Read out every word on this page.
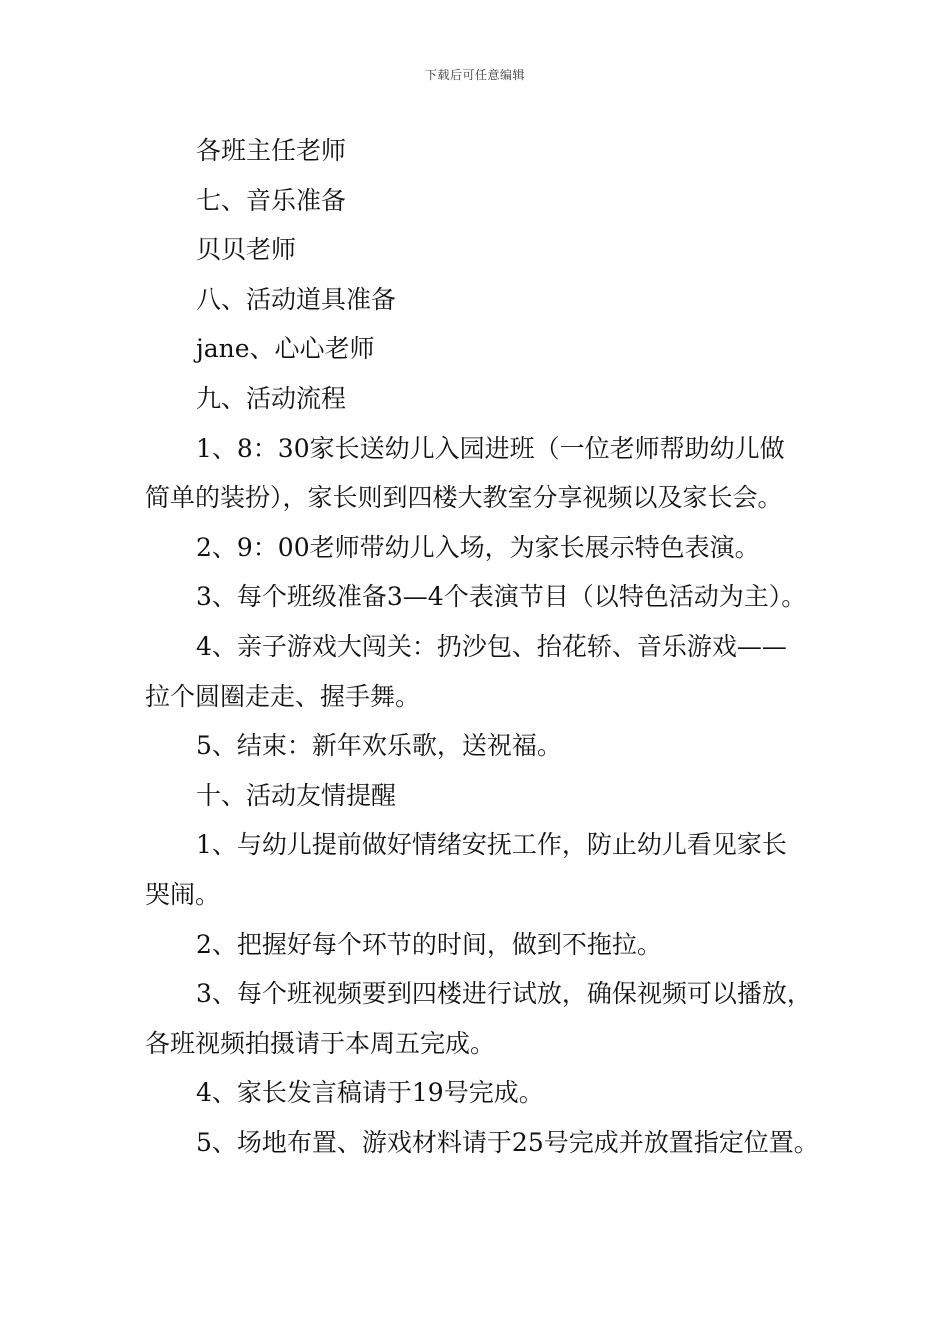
下载后可任意编辑
各班主任老师
七、音乐准备
贝贝老师
八、活动道具准备
jane、心心老师
九、活动流程
1、8：30家长送幼儿入园进班（一位老师帮助幼儿做
简单的装扮），家长则到四楼大教室分享视频以及家长会。
2、9：00老师带幼儿入场，为家长展示特色表演。
3、每个班级准备3—4个表演节目（以特色活动为主）。
4、亲子游戏大闯关：扔沙包、抬花轿、音乐游戏——
拉个圆圈走走、握手舞。
5、结束：新年欢乐歌，送祝福。
十、活动友情提醒
1、与幼儿提前做好情绪安抚工作，防止幼儿看见家长
哭闹。
2、把握好每个环节的时间，做到不拖拉。
3、每个班视频要到四楼进行试放，确保视频可以播放，
各班视频拍摄请于本周五完成。
4、家长发言稿请于19号完成。
5、场地布置、游戏材料请于25号完成并放置指定位置。
